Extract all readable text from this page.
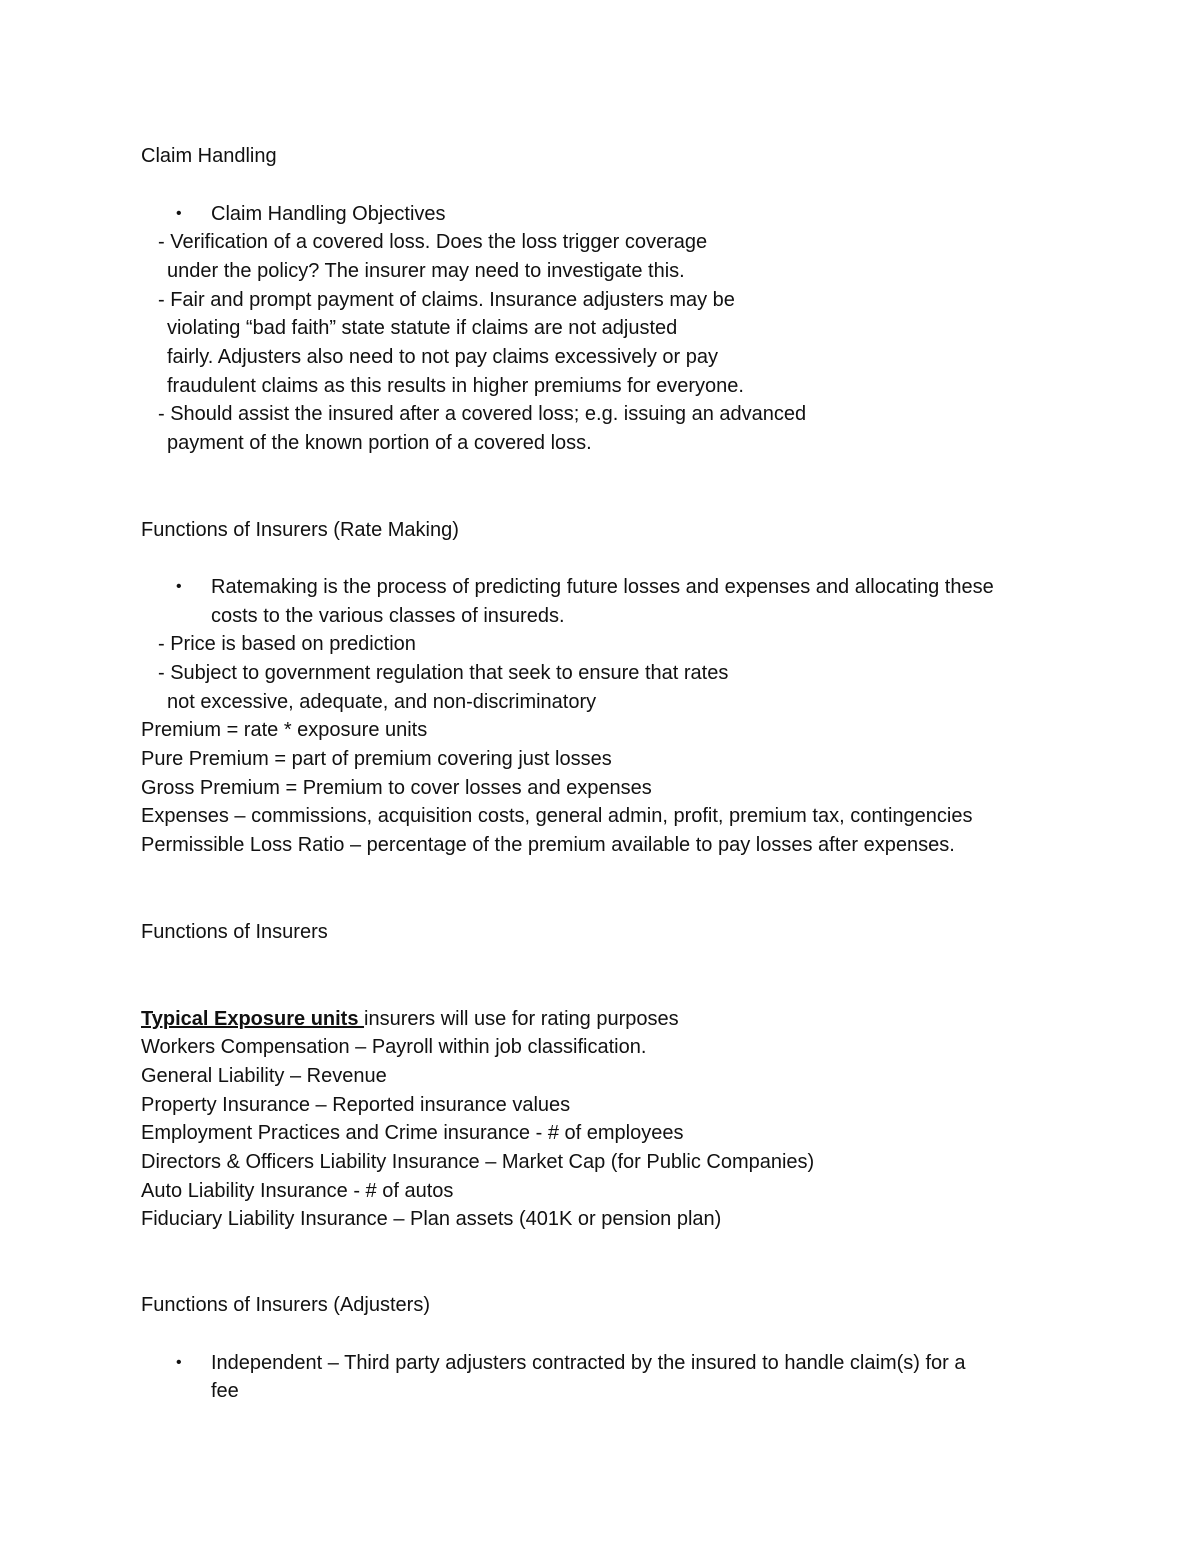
Claim Handling
• Claim Handling Objectives
- Verification of a covered loss. Does the loss trigger coverage
under the policy? The insurer may need to investigate this.
- Fair and prompt payment of claims. Insurance adjusters may be
violating “bad faith” state statute if claims are not adjusted
fairly. Adjusters also need to not pay claims excessively or pay
fraudulent claims as this results in higher premiums for everyone.
- Should assist the insured after a covered loss; e.g. issuing an advanced
payment of the known portion of a covered loss.
Functions of Insurers (Rate Making)
• Ratemaking is the process of predicting future losses and expenses and allocating these
costs to the various classes of insureds.
- Price is based on prediction
- Subject to government regulation that seek to ensure that rates
not excessive, adequate, and non-discriminatory
Premium = rate * exposure units
Pure Premium = part of premium covering just losses
Gross Premium = Premium to cover losses and expenses
Expenses – commissions, acquisition costs, general admin, profit, premium tax, contingencies
Permissible Loss Ratio – percentage of the premium available to pay losses after expenses.
Functions of Insurers
Typical Exposure units insurers will use for rating purposes
Workers Compensation – Payroll within job classification.
General Liability – Revenue
Property Insurance – Reported insurance values
Employment Practices and Crime insurance - # of employees
Directors & Officers Liability Insurance – Market Cap (for Public Companies)
Auto Liability Insurance - # of autos
Fiduciary Liability Insurance – Plan assets (401K or pension plan)
Functions of Insurers (Adjusters)
• Independent – Third party adjusters contracted by the insured to handle claim(s) for a
fee
